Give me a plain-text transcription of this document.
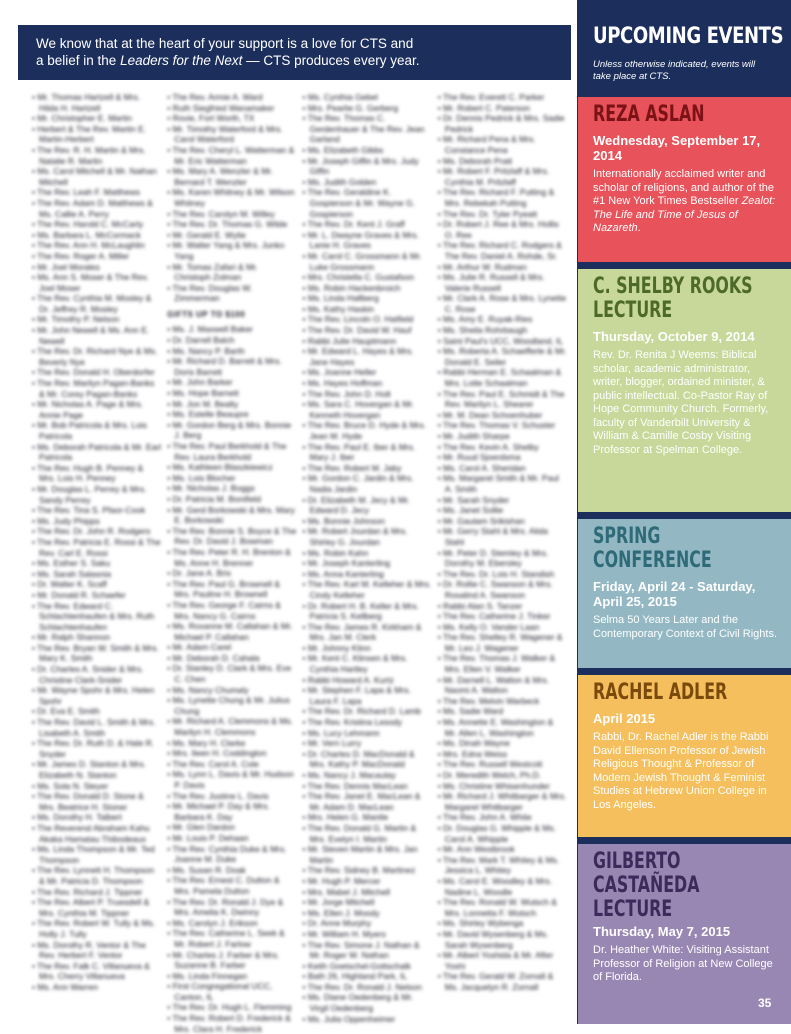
We know that at the heart of your support is a love for CTS and
a belief in the Leaders for the Next — CTS produces every year.
• Mr. Thomas Hartzell & Mrs. Hilda H. Hartzell
• Mr. Christopher E. Martin
• Herbert & The Rev. Martin E. Martin-Herbert
• The Rev. R. H. Martin & Mrs. Natalie R. Martin
• Ms. Carol Mitchell & Mr. Nathan Mitchell
• The Rev. Leah F. Matthews
• The Rev. Adam D. Matthews & Ms. Callie A. Perry
• The Rev. Harold C. McCarty
• Ms. Barbara L. McCormack
• The Rev. Ann H. McLaughlin
• The Rev. Roger A. Miller
• Mr. Joel Morales
• Ms. Ann S. Moser & The Rev. Joel Moser
• The Rev. Cynthia M. Mosley & Dr. Jeffrey R. Mosley
• Mr. Timothy P. Nelson
• Mr. John Newell & Ms. Ann E. Newell
• The Rev. Dr. Richard Nye & Ms. Beverly Nye
• The Rev. Donald H. Oberdorfer
• The Rev. Marilyn Pagan-Banks & Mr. Corey Pagan-Banks
• Mr. Nicholas A. Page & Mrs. Annie Page
• Mr. Bob Patricola & Mrs. Lois Patricola
• Ms. Deborah Patricola & Mr. Earl Patricola
• The Rev. Hugh B. Penney & Mrs. Lois H. Penney
• Mr. Douglas L. Perrey & Mrs. Sandy Perrey
• The Rev. Tina S. Pfaor-Cook
• Ms. Judy Phipps
• The Rev. Dr. John R. Rodgers
• The Rev. Patricia E. Rossi & The Rev. Carl E. Rossi
• Ms. Esther S. Saku
• Ms. Sarah Salasnia
• Dr. Walter K. Scaff
• Mr. Donald R. Schaefer
• The Rev. Edward C. Schlachtenhaufen & Mrs. Ruth Schlachtenhaufen
• Mr. Ralph Shannon
• The Rev. Bryan W. Smith & Mrs. Mary K. Smith
• Dr. Charles A. Snider & Mrs. Christine Clark-Snider
• Mr. Wayne Spohr & Mrs. Helen Spohr
• Dr. Eva E. Smith
• The Rev. David L. Smith & Mrs. Lisabeth A. Smith
• The Rev. Dr. Ruth D. & Hale R. Snyder
• Mr. James D. Stanton & Mrs. Elizabeth N. Stanton
• Ms. Sola N. Steyer
• The Rev. Donald D. Stone & Mrs. Beatrice H. Stoner
• Ms. Dorothy H. Talbert
• The Reverend Abraham Kahu Akaka Hamatau Thibodeaux
• Ms. Linda Thompson & Mr. Ted Thompson
• The Rev. Lynnett H. Thompson & Mr. Patricia D. Thompson
• The Rev. Richard J. Tippner
• The Rev. Albert P. Truesdell & Mrs. Cynthia M. Tippner
• The Rev. Robert W. Tully & Ms. Holly J. Tully
• Ms. Dorothy R. Ventor & The Rev. Herbert F. Ventor
• The Rev. Falk C. Villanueva & Mrs. Cherry Villanueva
• Ms. Ann Warren
• The Rev. Armie A. Ward
• Ruth Siegfried Wanamaker
• Rovie, Fort Worth, TX
• Mr. Timothy Waterford & Mrs. Carol Waterford
• The Rev. Cheryl L. Watterman & Mr. Eric Watterman
• Ms. Mary A. Wenzler & Mr. Bernard T. Wenzler
• Ms. Karen Whitney & Mr. Wilson Whitney
• The Rev. Carolyn M. Willey
• The Rev. Dr. Thomas G. Wilde
• Mr. Gerald E. Wylie
• Mr. Walter Yang & Mrs. Junko Yang
• Mr. Tomas Zafari & Mr. Christoph Zolman
• The Rev. Douglas W. Zimmerman
GIFTS UP TO $100
• Ms. J. Maxwell Baker
• Dr. Darrell Balch
• Ms. Nancy P. Barth
• Mr. Richard D. Barrett & Mrs. Doris Barrett
• Mr. John Barker
• Ms. Hope Barnett
• Mr. Jon M. Bealty
• Ms. Estelle Beaupre
• Mr. Gordon Berg & Mrs. Bonnie J. Berg
• The Rev. Paul Berkhold & The Rev. Laura Berkhold
• Ms. Kathleen Blaszkiewicz
• Ms. Lois Blocher
• Mr. Nicholas J. Boggs
• Dr. Patricia M. Bonifield
• Mr. Gerd Borkowski & Mrs. Mary E. Borkowski
• The Rev. Bonnie S. Boyce & The Rev. Dr. David J. Bowman
• The Rev. Peter R. H. Brenton & Ms. Anne H. Brenner
• Dr. Jane A. Brix
• The Rev. Paul G. Brownell & Mrs. Pauline H. Brownell
• The Rev. George F. Cairns & Mrs. Nancy G. Cairns
• Ms. Roxanne M. Callahan & Mr. Michael P. Callahan
• Mr. Adam Carel
• Mr. Deborah D. Cahala
• Dr. Stanley D. Clark & Mrs. Eve C. Chen
• Ms. Nancy Chumaly
• Ms. Lynette Chung & Mr. Julius Chung
• Mr. Richard A. Clemmons & Ms. Marilyn H. Clemmons
• Ms. Mary H. Clarke
• Mrs. Ileen H. Coddington
• The Rev. Carol A. Cole
• Ms. Lynn L. Davis & Mr. Hudson P. Davis
• The Rev. Justine L. Davis
• Mr. Michael P. Day & Mrs. Barbara K. Day
• Mr. Glen Dardon
• Mr. Louis P. Dehaan
• The Rev. Cynthia Duke & Mrs. Joanne M. Duke
• Ms. Susan R. Doak
• The Rev. Ernest C. Dutton & Mrs. Pamela Dutton
• The Rev. Dr. Ronald J. Dye & Mrs. Amelia K. Dwinny
• Ms. Carolyn J. Erikson
• The Rev. Catherine L. Seek & Mr. Robert J. Farlow
• Mr. Charles J. Farber & Mrs. Suzanne B. Farber
• Ms. Linda Finnegan
• First Congregational UCC, Canton, IL
• The Rev. Dr. Hugh L. Flemming
• The Rev. Robert D. Frederick & Mrs. Clara H. Frederick
• Ms. Cynthia Gebel
• Mrs. Pearlie G. Gerberg
• The Rev. Thomas C. Gerdenhauer & The Rev. Jean Garland
• Ms. Elizabeth Gibbs
• Mr. Joseph Giffin & Mrs. Judy Giffin
• Ms. Judith Golden
• The Rev. Geraldine K. Gospierson & Mr. Wayne G. Gospierson
• The Rev. Dr. Kent J. Graff
• Mr. L. Dwayne Graves & Mrs. Lanie H. Graves
• Mr. Carol C. Grossmann & Mr. Luke Grossmann
• Mrs. Christella C. Gustafson
• Ms. Robin Hackenbroich
• Ms. Linda Hallberg
• Ms. Kathy Haskin
• The Rev. Lincoln O. Hatfield
• The Rev. Dr. David W. Hauf
• Rabbi Julie Hauptmann
• Mr. Edward L. Hayes & Mrs. Jane Hayes
• Ms. Joanne Heller
• Ms. Hayes Hoffman
• The Rev. John D. Holt
• Ms. Sara C. Hovergan & Mr. Kenneth Hovergan
• The Rev. Bruce D. Hyde & Mrs. Jean M. Hyde
• The Rev. Paul E. Iber & Mrs. Mary J. Iber
• The Rev. Robert M. Jaby
• Mr. Gordon C. Jardin & Mrs. Nadia Jardin
• Dr. Elizabeth M. Jecy & Mr. Edward D. Jecy
• Ms. Bonnie Johnson
• Mr. Robert Jourdan & Mrs. Shirley G. Jourdan
• Ms. Robin Kahn
• Mr. Joseph Kanterling
• Ms. Anna Kanterling
• The Rev. Karl M. Kelleher & Mrs. Cindy Kelleher
• Dr. Robert H. B. Keller & Mrs. Patricia S. Kellberg
• The Rev. James R. Kirkham & Mrs. Jan M. Clerk
• Mr. Johnny Klinn
• Mr. Kent C. Klinsen & Mrs. Cynthia Hartley
• Rabbi Howard A. Kurtz
• Mr. Stephen F. Lapa & Mrs. Laura F. Lapa
• The Rev. Dr. Richard D. Lamb
• The Rev. Kristina Lesody
• Ms. Lucy Lehmann
• Mr. Vern Lurry
• Dr. Charles D. MacDonald & Mrs. Kathy P. MacDonald
• Ms. Nancy J. Macaulay
• The Rev. Dennis MacLean
• The Rev. Janet E. MacLean & Mr. Adam D. MacLean
• Mrs. Helen G. Mantle
• The Rev. Donald G. Martin & Mrs. Evelyn I. Martin
• Mr. Steven Martin & Mrs. Jan Martin
• The Rev. Sidney B. Martinez
• Mr. Hugh P. Mercer
• Mrs. Mabel J. Mitchell
• Mr. Jorge Mitchell
• Ms. Ellen J. Moody
• Dr. Anne Murphy
• Mr. William H. Myers
• The Rev. Simone J. Nathan & Mr. Roger W. Nathan
• Keith Goetschel-Gottschalk
• Bath 26, Highland Park, IL
• The Rev. Dr. Ronald J. Nelson
• Ms. Diane Oedenberg & Mr. Virgil Oedenberg
• Ms. Julia Oppenheimer
• The Rev. Everett C. Parker
• Mr. Robert C. Paterson
• Dr. Dennis Pedrick & Mrs. Sadie Pedrick
• Mr. Richard Pena & Mrs. Constance Pena
• Ms. Deborah Pratt
• Mr. Robert F. Pritzlaff & Mrs. Cynthia M. Pritzlaff
• The Rev. Richard F. Putting & Mrs. Rebekah Putting
• The Rev. Dr. Tyler Pyeatt
• Dr. Robert J. Ree & Mrs. Hollis O. Ree
• The Rev. Richard C. Rodgers & The Rev. Daniel A. Rohde, Sr.
• Mr. Arthur W. Rudman
• Ms. Julie R. Russell & Mrs. Valerie Russell
• Mr. Clark A. Rose & Mrs. Lynette C. Rose
• Ms. Amy E. Ruyak-Ries
• Ms. Sheila Rohrbaugh
• Saint Paul's UCC, Woodland, IL
• Ms. Roberta A. Schaefferle & Mr. Donald E. Seiler
• Rabbi Herman E. Schaalman & Mrs. Lotte Schaalman
• The Rev. Paul E. Schmidt & The Rev. Marilyn L. Shearer
• Mr. M. Dean Schoenhuber
• The Rev. Thomas V. Schuster
• Mr. Judith Sharpe
• The Rev. Kevin A. Shelby
• Mr. Ruud Sjoerdsma
• Ms. Carol A. Sheridan
• Ms. Margaret Smith & Mr. Paul A. Smith
• Mr. Sarah Snyder
• Ms. Janet Sollie
• Mr. Gautam Srikishan
• Mr. Gerry Stahl & Mrs. Alida Stahl
• Mr. Peter D. Stemley & Mrs. Dorothy M. Ebersley
• The Rev. Dr. Lois H. Standish
• Dr. Rollie C. Swanson & Mrs. Rosalind A. Swanson
• Rabbi Alan S. Tanzer
• The Rev. Catherine J. Tinker
• Ms. Kelly O. Vander Laan
• The Rev. Shelley R. Wagener & Mr. Leo J. Wagener
• The Rev. Thomas J. Walker & Mrs. Ellen V. Walker
• Mr. Darnell L. Walton & Mrs. Naomi A. Walton
• The Rev. Melvin Warbeck
• Ms. Sadie Ward
• Ms. Annette E. Washington & Mr. Allen L. Washington
• Ms. Dinah Wayne
• Mrs. Edna Weiss
• The Rev. Russell Westcott
• Dr. Meredith Welch, Ph.D.
• Ms. Christine Whisenhunder
• Mr. Richard J. Whitbarger & Mrs. Margaret Whitbarger
• The Rev. John A. White
• Dr. Douglas G. Whipple & Ms. Carol A. Whipple
• Mr. Ann Westbrook
• The Rev. Mark T. Whitey & Ms. Jessica L. Whitey
• Ms. Carol E. Woodley & Mrs. Nadine L. Woodle
• The Rev. Ronald W. Wutsch & Mrs. Lonnetta F. Wutsch
• Ms. Shirley Wybenga
• Mr. David Wysenberg & Ms. Sarah Wysenberg
• Mr. Albert Yoshida & Mr. After Yoshi
• The Rev. Gerald W. Zornall & Ms. Jacquelyn R. Zornall
UPCOMING EVENTS
Unless otherwise indicated, events will take place at CTS.
REZA ASLAN
Wednesday, September 17, 2014
Internationally acclaimed writer and scholar of religions, and author of the #1 New York Times Bestseller Zealot: The Life and Time of Jesus of Nazareth.
C. SHELBY ROOKS
LECTURE
Thursday, October 9, 2014
Rev. Dr. Renita J Weems: Biblical scholar, academic administrator, writer, blogger, ordained minister, & public intellectual. Co-Pastor Ray of Hope Community Church. Formerly, faculty of Vanderbilt University & William & Camille Cosby Visiting Professor at Spelman College.
SPRING
CONFERENCE
Friday, April 24 - Saturday, April 25, 2015
Selma 50 Years Later and the Contemporary Context of Civil Rights.
RACHEL ADLER
April 2015
Rabbi, Dr. Rachel Adler is the Rabbi David Ellenson Professor of Jewish Religious Thought & Professor of Modern Jewish Thought & Feminist Studies at Hebrew Union College in Los Angeles.
GILBERTO
CASTAÑEDA
LECTURE
Thursday, May 7, 2015
Dr. Heather White: Visiting Assistant Professor of Religion at New College of Florida.
35
